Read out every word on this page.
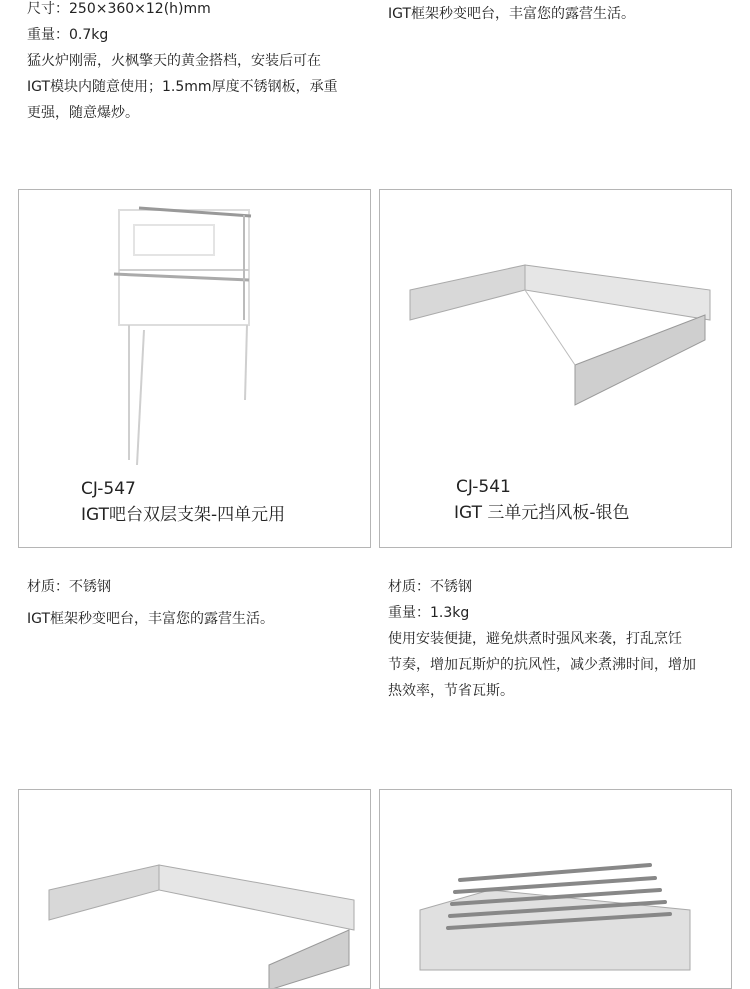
尺寸：250×360×12(h)mm
重量：0.7kg
猛火炉刚需，火枫擎天的黄金搭档，安装后可在
IGT模块内随意使用；1.5mm厚度不锈钢板，承重
更强，随意爆炒。
IGT框架秒变吧台，丰富您的露营生活。
CJ-547
IGT吧台双层支架-四单元用
CJ-541
IGT 三单元挡风板-银色
材质：不锈钢
IGT框架秒变吧台，丰富您的露营生活。
材质：不锈钢
重量：1.3kg
使用安装便捷，避免烘煮时强风来袭，打乱烹饪
节奏，增加瓦斯炉的抗风性，减少煮沸时间，增加
热效率，节省瓦斯。
